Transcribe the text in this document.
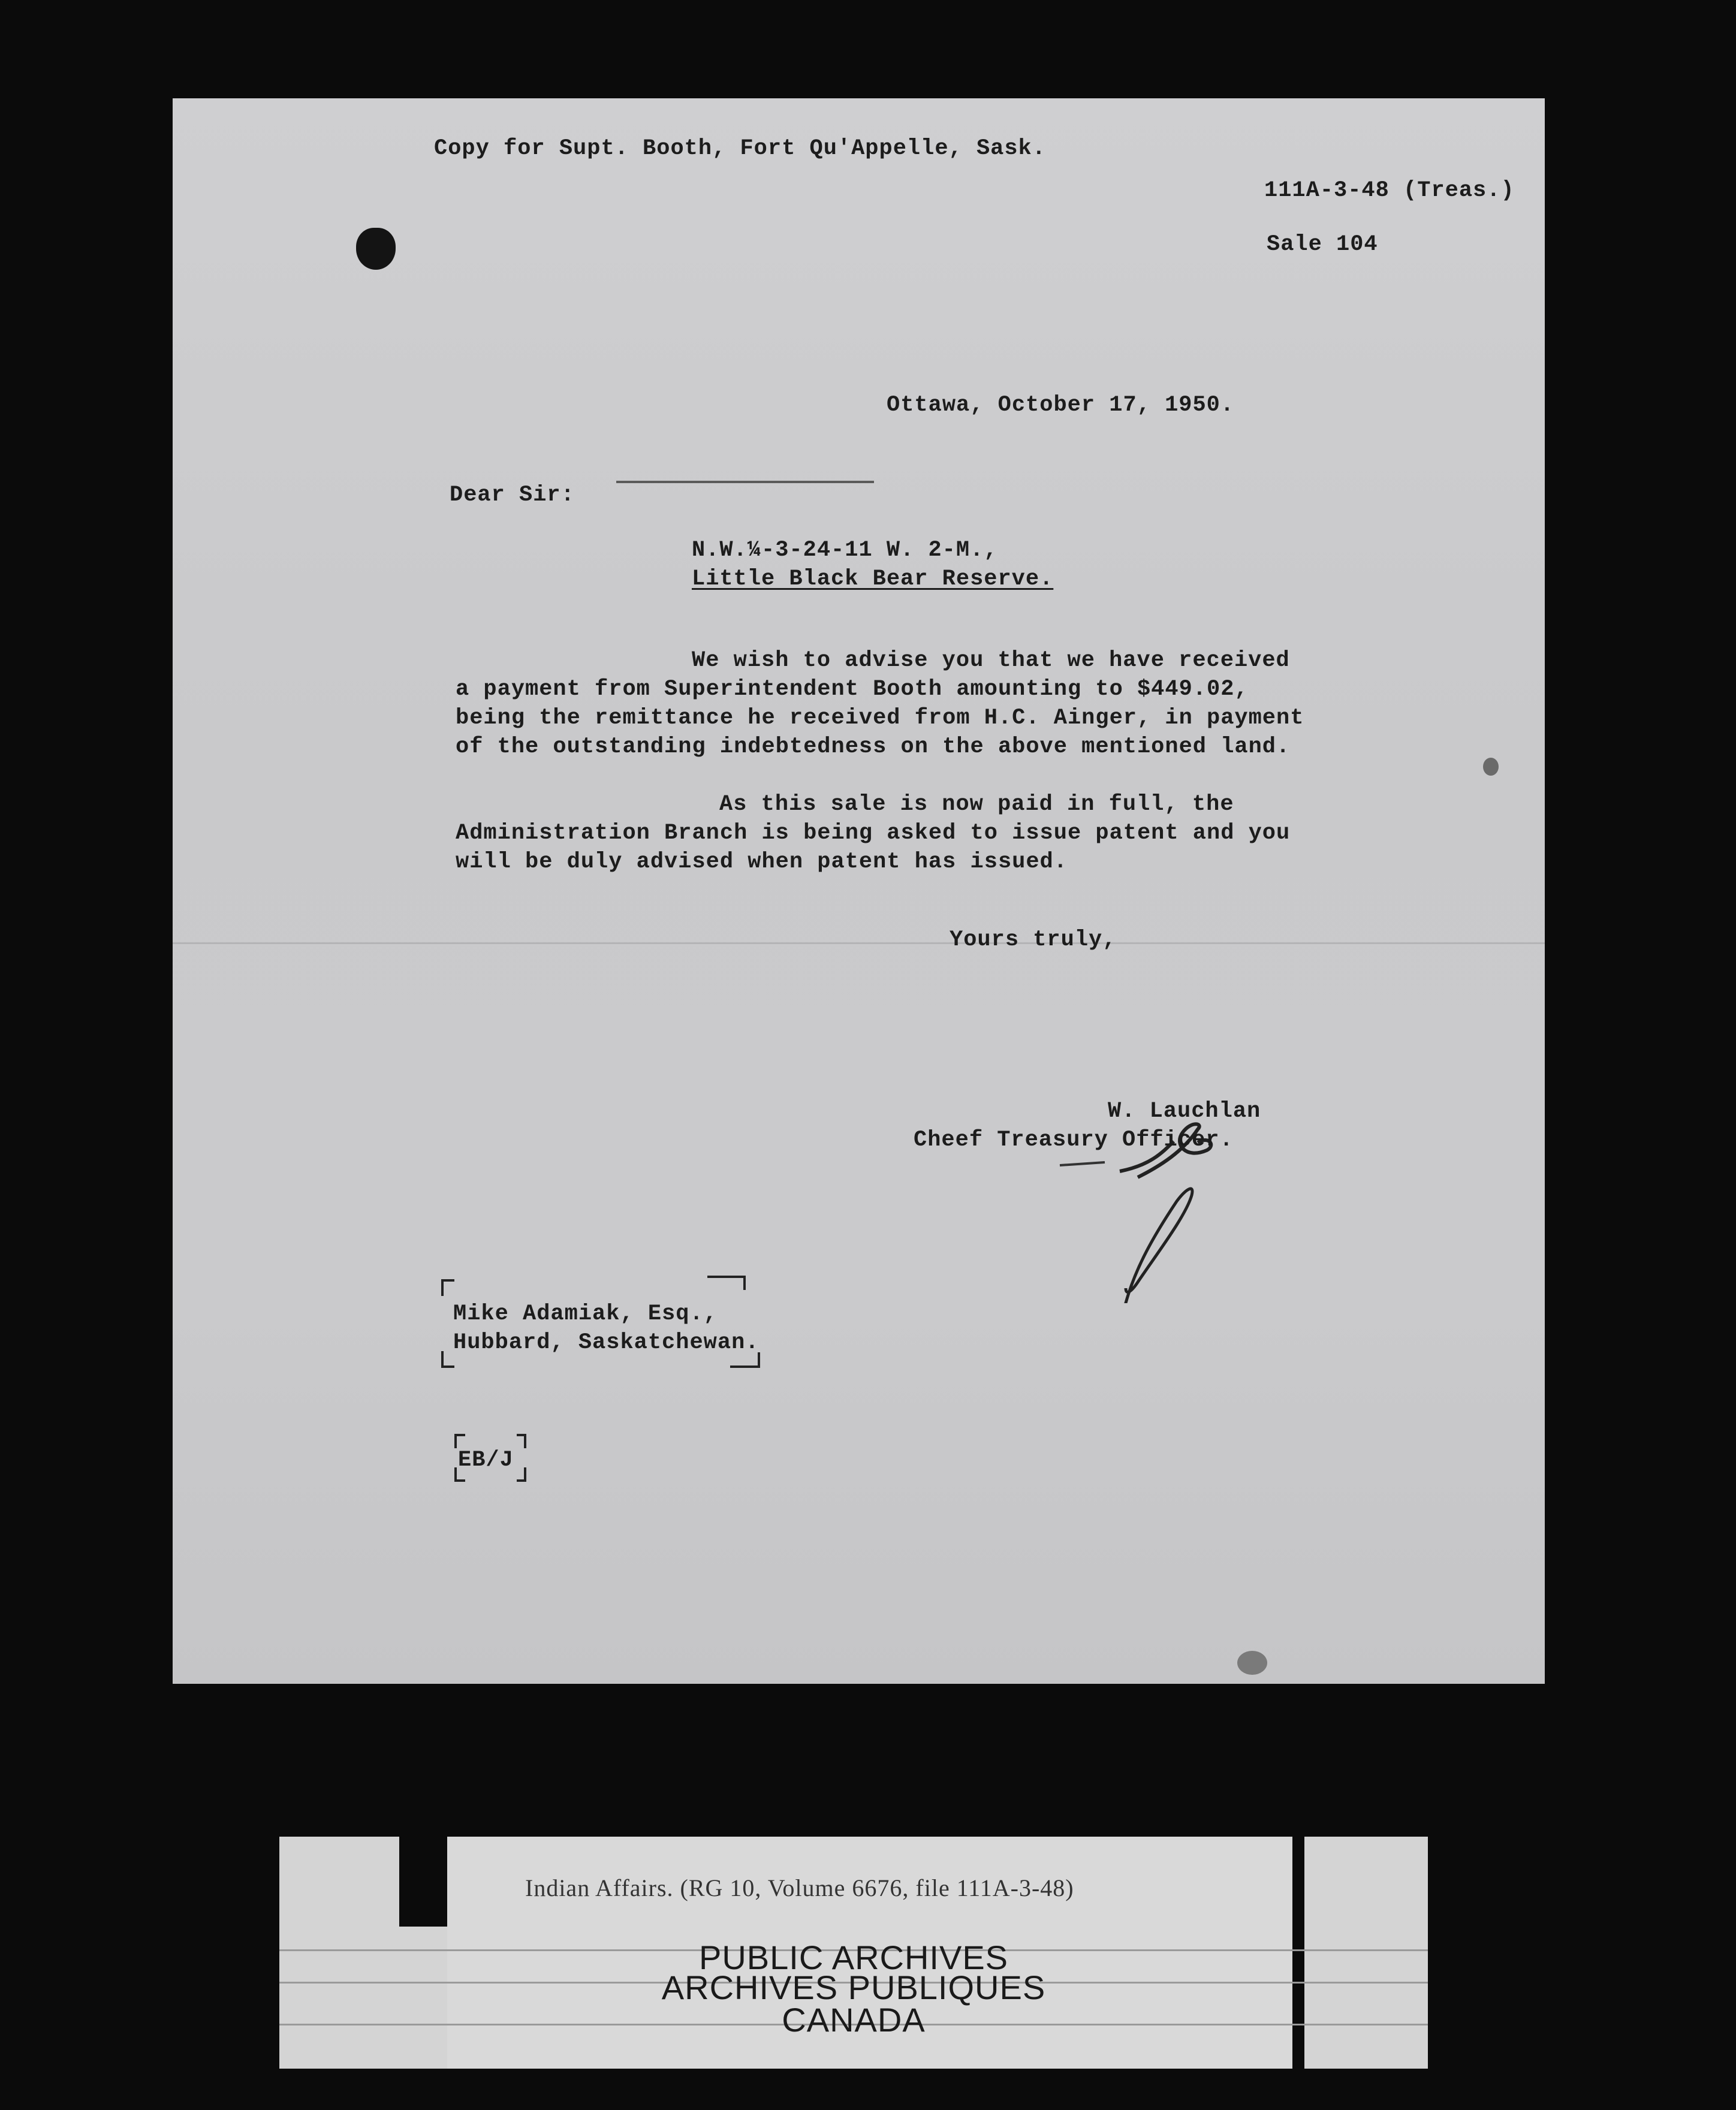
Copy for Supt. Booth, Fort Qu'Appelle, Sask.
111A-3-48 (Treas.)
Sale 104
Ottawa, October 17, 1950.
Dear Sir:
N.W.¼-3-24-11 W. 2-M.,
Little Black Bear Reserve.
We wish to advise you that we have received
a payment from Superintendent Booth amounting to $449.02,
being the remittance he received from H.C. Ainger, in payment
of the outstanding indebtedness on the above mentioned land.
As this sale is now paid in full, the
Administration Branch is being asked to issue patent and you
will be duly advised when patent has issued.
Yours truly,
W. Lauchlan
Cheef Treasury Officer.
Mike Adamiak, Esq.,
Hubbard, Saskatchewan.
EB/J
Indian Affairs. (RG 10, Volume 6676, file 111A-3-48)
PUBLIC ARCHIVES
ARCHIVES PUBLIQUES
CANADA
